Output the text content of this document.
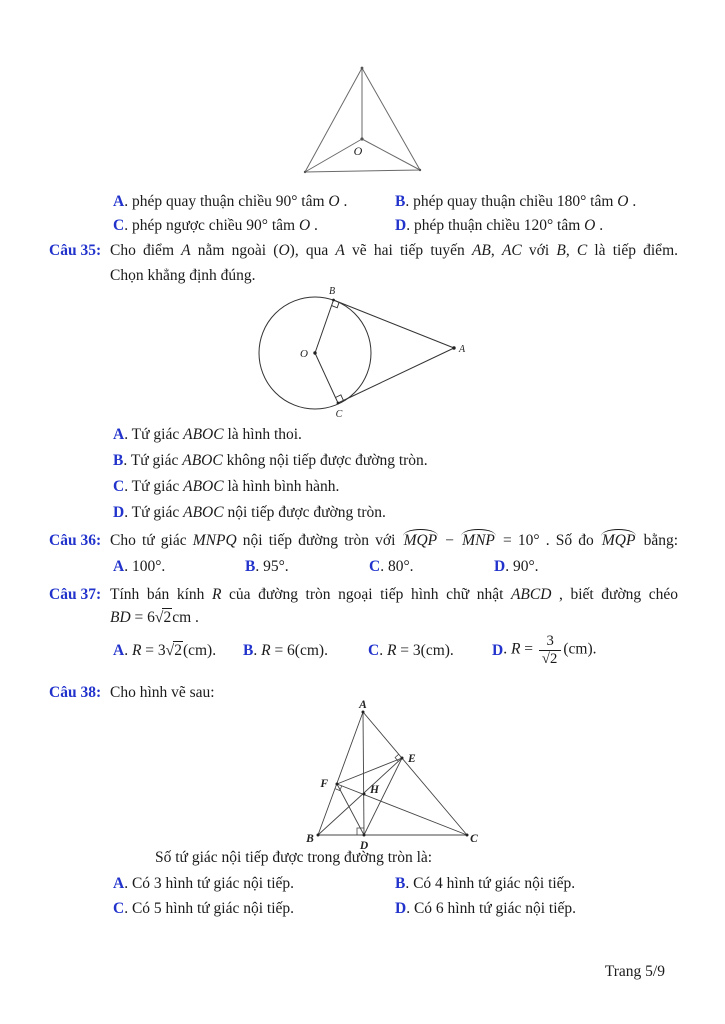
O
A. phép quay thuận chiều 90° tâm O .	B. phép quay thuận chiều 180° tâm O .
C. phép ngược chiều 90° tâm O .	D. phép thuận chiều 120° tâm O .
Câu 35: Cho điểm A nằm ngoài (O), qua A vẽ hai tiếp tuyến AB, AC với B, C là tiếp điểm.
Chọn khẳng định đúng.
O
B
C
A
A. Tứ giác ABOC là hình thoi.
B. Tứ giác ABOC không nội tiếp được đường tròn.
C. Tứ giác ABOC là hình bình hành.
D. Tứ giác ABOC nội tiếp được đường tròn.
Câu 36: Cho tứ giác MNPQ nội tiếp đường tròn với MQP − MNP = 10° . Số đo MQP bằng:
A. 100°.	B. 95°.	C. 80°.	D. 90°.
Câu 37: Tính bán kính R của đường tròn ngoại tiếp hình chữ nhật ABCD , biết đường chéo
BD = 6√2cm .
A. R = 3√2(cm). B. R = 6(cm).	C. R = 3(cm). D . $R = \frac{3}{√2} (cm)$.
Câu 38: Cho hình vẽ sau:
A
B	C
D
E
F	H
Số tứ giác nội tiếp được trong đường tròn là:
A. Có 3 hình tứ giác nội tiếp.	B. Có 4 hình tứ giác nội tiếp.
C. Có 5 hình tứ giác nội tiếp.	D. Có 6 hình tứ giác nội tiếp.
Trang 5/9
